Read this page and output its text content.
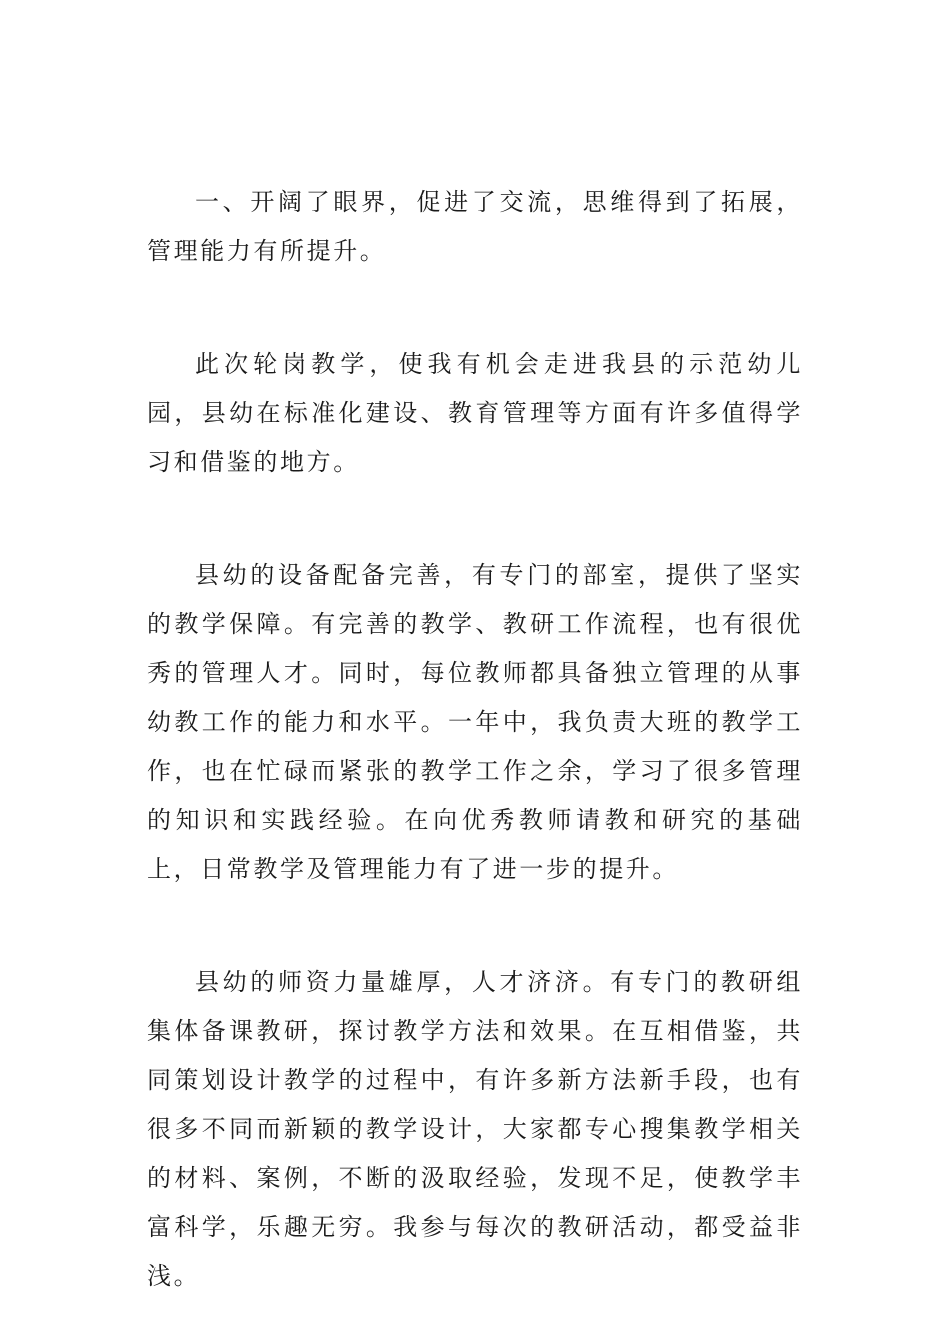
一、开阔了眼界，促进了交流，思维得到了拓展，管理能力有所提升。

此次轮岗教学，使我有机会走进我县的示范幼儿园，县幼在标准化建设、教育管理等方面有许多值得学习和借鉴的地方。

县幼的设备配备完善，有专门的部室，提供了坚实的教学保障。有完善的教学、教研工作流程，也有很优秀的管理人才。同时，每位教师都具备独立管理的从事幼教工作的能力和水平。一年中，我负责大班的教学工作，也在忙碌而紧张的教学工作之余，学习了很多管理的知识和实践经验。在向优秀教师请教和研究的基础上，日常教学及管理能力有了进一步的提升。

县幼的师资力量雄厚，人才济济。有专门的教研组集体备课教研，探讨教学方法和效果。在互相借鉴，共同策划设计教学的过程中，有许多新方法新手段，也有很多不同而新颖的教学设计，大家都专心搜集教学相关的材料、案例，不断的汲取经验，发现不足，使教学丰富科学，乐趣无穷。我参与每次的教研活动，都受益非浅。
